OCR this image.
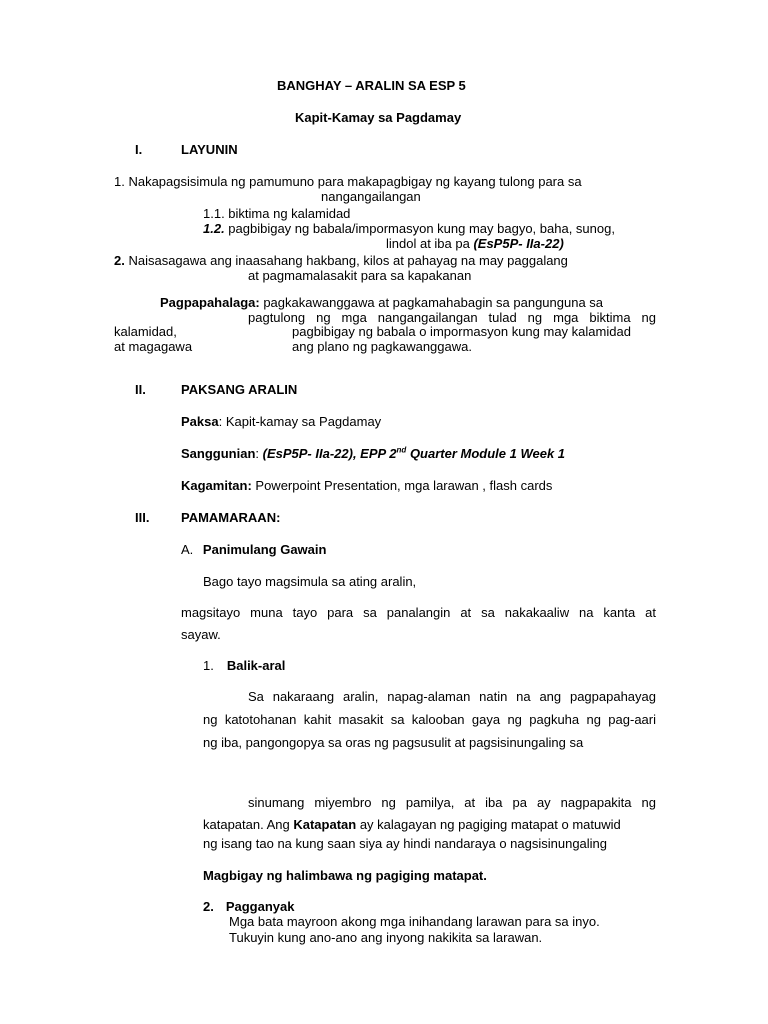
BANGHAY – ARALIN SA ESP 5
Kapit-Kamay sa Pagdamay
I.	LAYUNIN
1. Nakapagsisimula ng pamumuno para makapagbigay ng kayang tulong para sa
nangangailangan
1.1. biktima ng kalamidad
1.2. pagbibigay ng babala/impormasyon kung may bagyo, baha, sunog,
lindol at iba pa (EsP5P- IIa-22)
2. Naisasagawa ang inaasahang hakbang, kilos at pahayag na may paggalang
at pagmamalasakit para sa kapakanan
Pagpapahalaga: pagkakawanggawa at pagkamahabagin sa pangunguna sa
pagtulong ng mga nangangailangan tulad ng mga biktima ng
kalamidad,	pagbibigay ng babala o impormasyon kung may kalamidad
at magagawa	ang plano ng pagkawanggawa.
II.	PAKSANG ARALIN
Paksa: Kapit-kamay sa Pagdamay
Sanggunian: (EsP5P- IIa-22), EPP 2nd Quarter Module 1 Week 1
Kagamitan: Powerpoint Presentation, mga larawan , flash cards
III. PAMAMARAAN:
A. Panimulang Gawain
Bago tayo magsimula sa ating aralin,
magsitayo muna tayo para sa panalangin at sa nakakaaliw na kanta at
sayaw.
1. Balik-aral
Sa nakaraang aralin, napag-alaman natin na ang pagpapahayag
ng katotohanan kahit masakit sa kalooban gaya ng pagkuha ng pag-aari
ng iba, pangongopya sa oras ng pagsusulit at pagsisinungaling sa
sinumang miyembro ng pamilya, at iba pa ay nagpapakita ng
katapatan. Ang Katapatan ay kalagayan ng pagiging matapat o matuwid
ng isang tao na kung saan siya ay hindi nandaraya o nagsisinungaling
Magbigay ng halimbawa ng pagiging matapat.
2. Pagganyak
Mga bata mayroon akong mga inihandang larawan para sa inyo.
Tukuyin kung ano-ano ang inyong nakikita sa larawan.
